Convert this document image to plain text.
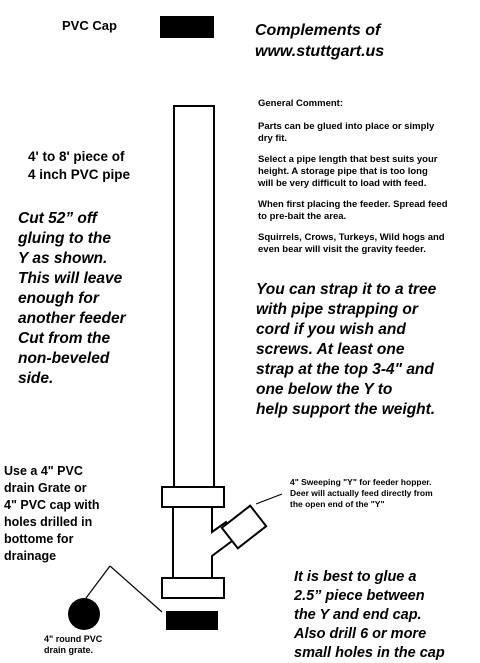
PVC Cap	Complements of
www.stuttgart.us

General Comment:

Parts can be glued into place or simply
dry fit.

Select a pipe length that best suits your
height. A storage pipe that is too long
will be very difficult to load with feed.

When first placing the feeder. Spread feed
to pre-bait the area.

Squirrels, Crows, Turkeys, Wild hogs and
even bear will visit the gravity feeder.

4' to 8' piece of
4 inch PVC pipe

Cut 52” off
gluing to the
Y as shown.
This will leave
enough for
another feeder
Cut from the
non-beveled
side.

You can strap it to a tree
with pipe strapping or
cord if you wish and
screws. At least one
strap at the top 3-4" and
one below the Y to
help support the weight.

Use a 4" PVC
drain Grate or
4" PVC cap with
holes drilled in
bottome for
drainage

4" Sweeping "Y" for feeder hopper.
Deer will actually feed directly from
the open end of the "Y"

It is best to glue a
2.5” piece between
the Y and end cap.
Also drill 6 or more
small holes in the cap

4" round PVC
drain grate.
